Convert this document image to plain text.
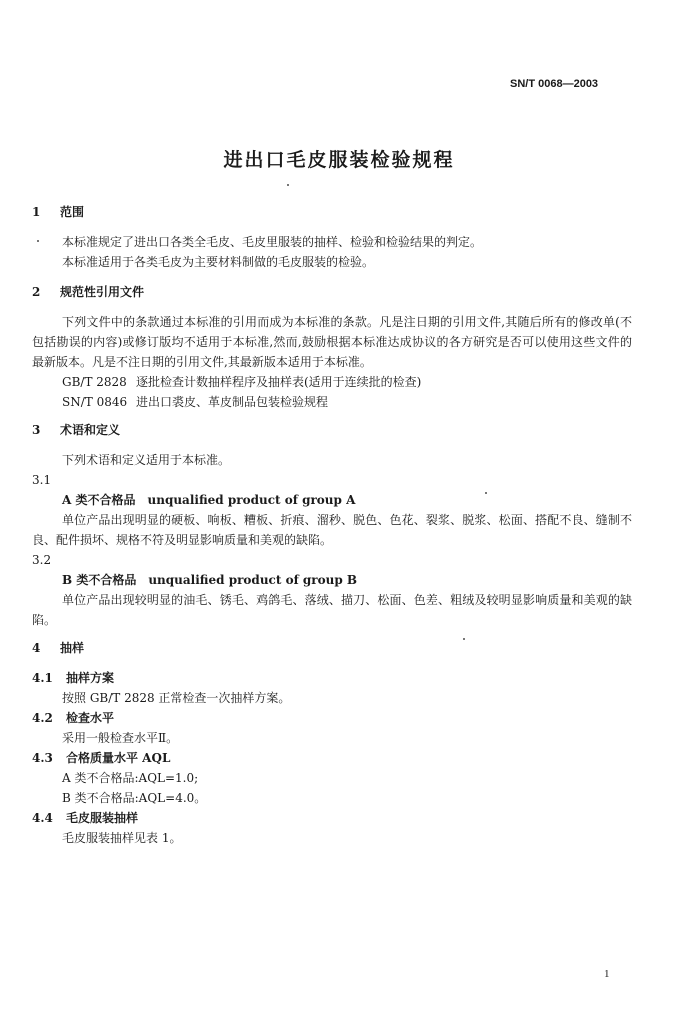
SN/T 0068—2003
进出口毛皮服装检验规程
1 范围
本标准规定了进出口各类全毛皮、毛皮里服装的抽样、检验和检验结果的判定。
本标准适用于各类毛皮为主要材料制做的毛皮服装的检验。
2 规范性引用文件
下列文件中的条款通过本标准的引用而成为本标准的条款。凡是注日期的引用文件,其随后所有的修改单(不包括勘误的内容)或修订版均不适用于本标准,然而,鼓励根据本标准达成协议的各方研究是否可以使用这些文件的最新版本。凡是不注日期的引用文件,其最新版本适用于本标准。
GB/T 2828 逐批检查计数抽样程序及抽样表(适用于连续批的检查)
SN/T 0846 进出口裘皮、革皮制品包装检验规程
3 术语和定义
下列术语和定义适用于本标准。
3.1
A 类不合格品　unqualified product of group A
单位产品出现明显的硬板、响板、糟板、折痕、溜秒、脱色、色花、裂浆、脱浆、松面、搭配不良、缝制不良、配件损坏、规格不符及明显影响质量和美观的缺陷。
3.2
B 类不合格品　unqualified product of group B
单位产品出现较明显的油毛、锈毛、鸡鸽毛、落绒、描刀、松面、色差、粗绒及较明显影响质量和美观的缺陷。
4 抽样
4.1 抽样方案
按照 GB/T 2828 正常检查一次抽样方案。
4.2 检查水平
采用一般检查水平Ⅱ。
4.3 合格质量水平 AQL
A 类不合格品:AQL=1.0;
B 类不合格品:AQL=4.0。
4.4 毛皮服装抽样
毛皮服装抽样见表 1。
1
